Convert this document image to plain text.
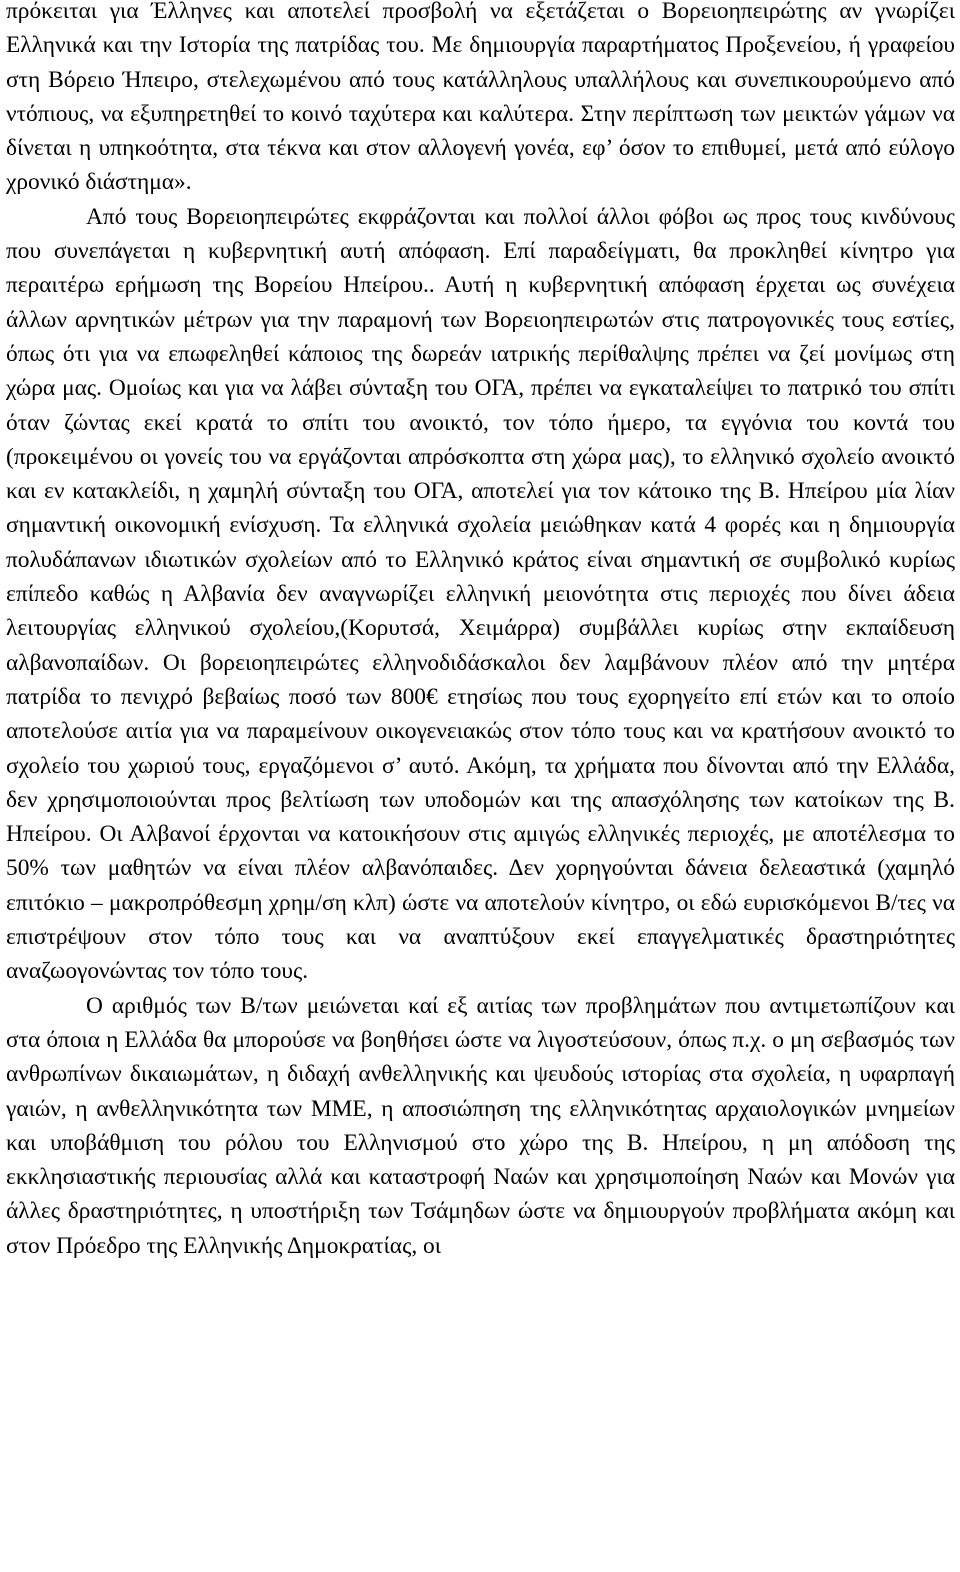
πρόκειται για Έλληνες και αποτελεί προσβολή να εξετάζεται ο Βορειοηπειρώτης αν γνωρίζει Ελληνικά και την Ιστορία της πατρίδας του. Με δημιουργία παραρτήματος Προξενείου, ή γραφείου στη Βόρειο Ήπειρο, στελεχωμένου από τους κατάλληλους υπαλλήλους και συνεπικουρούμενο από ντόπιους, να εξυπηρετηθεί το κοινό ταχύτερα και καλύτερα. Στην περίπτωση των μεικτών γάμων να δίνεται η υπηκοότητα, στα τέκνα και στον αλλογενή γονέα, εφ’ όσον το επιθυμεί, μετά από εύλογο χρονικό διάστημα».

Από τους Βορειοηπειρώτες εκφράζονται και πολλοί άλλοι φόβοι ως προς τους κινδύνους που συνεπάγεται η κυβερνητική αυτή απόφαση. Επί παραδείγματι, θα προκληθεί κίνητρο για περαιτέρω ερήμωση της Βορείου Ηπείρου.. Αυτή η κυβερνητική απόφαση έρχεται ως συνέχεια άλλων αρνητικών μέτρων για την παραμονή των Βορειοηπειρωτών στις πατρογονικές τους εστίες, όπως ότι για να επωφεληθεί κάποιος της δωρεάν ιατρικής περίθαλψης πρέπει να ζεί μονίμως στη χώρα μας. Ομοίως και για να λάβει σύνταξη του ΟΓΑ, πρέπει να εγκαταλείψει το πατρικό του σπίτι όταν ζώντας εκεί κρατά το σπίτι του ανοικτό, τον τόπο ήμερο, τα εγγόνια του κοντά του (προκειμένου οι γονείς του να εργάζονται απρόσκοπτα στη χώρα μας), το ελληνικό σχολείο ανοικτό και εν κατακλείδι, η χαμηλή σύνταξη του ΟΓΑ, αποτελεί για τον κάτοικο της Β. Ηπείρου μία λίαν σημαντική οικονομική ενίσχυση. Τα ελληνικά σχολεία μειώθηκαν κατά 4 φορές και η δημιουργία πολυδάπανων ιδιωτικών σχολείων από το Ελληνικό κράτος είναι σημαντική σε συμβολικό κυρίως επίπεδο καθώς η Αλβανία δεν αναγνωρίζει ελληνική μειονότητα στις περιοχές που δίνει άδεια λειτουργίας ελληνικού σχολείου,(Κορυτσά, Χειμάρρα) συμβάλλει κυρίως στην εκπαίδευση αλβανοπαίδων. Οι βορειοηπειρώτες ελληνοδιδάσκαλοι δεν λαμβάνουν πλέον από την μητέρα πατρίδα το πενιχρό βεβαίως ποσό των 800€ ετησίως που τους εχορηγείτο επί ετών και το οποίο αποτελούσε αιτία για να παραμείνουν οικογενειακώς στον τόπο τους και να κρατήσουν ανοικτό το σχολείο του χωριού τους, εργαζόμενοι σ’ αυτό. Ακόμη, τα χρήματα που δίνονται από την Ελλάδα, δεν χρησιμοποιούνται προς βελτίωση των υποδομών και της απασχόλησης των κατοίκων της Β. Ηπείρου. Οι Αλβανοί έρχονται να κατοικήσουν στις αμιγώς ελληνικές περιοχές, με αποτέλεσμα το 50% των μαθητών να είναι πλέον αλβανόπαιδες. Δεν χορηγούνται δάνεια δελεαστικά (χαμηλό επιτόκιο – μακροπρόθεσμη χρημ/ση κλπ) ώστε να αποτελούν κίνητρο, οι εδώ ευρισκόμενοι Β/τες να επιστρέψουν στον τόπο τους και να αναπτύξουν εκεί επαγγελματικές δραστηριότητες αναζωογονώντας τον τόπο τους.

Ο αριθμός των Β/των μειώνεται καί εξ αιτίας των προβλημάτων που αντιμετωπίζουν και στα όποια η Ελλάδα θα μπορούσε να βοηθήσει ώστε να λιγοστεύσουν, όπως π.χ. ο μη σεβασμός των ανθρωπίνων δικαιωμάτων, η διδαχή ανθελληνικής και ψευδούς ιστορίας στα σχολεία, η υφαρπαγή γαιών, η ανθελληνικότητα των ΜΜΕ, η αποσιώπηση της ελληνικότητας αρχαιολογικών μνημείων και υποβάθμιση του ρόλου του Ελληνισμού στο χώρο της Β. Ηπείρου, η μη απόδοση της εκκλησιαστικής περιουσίας αλλά και καταστροφή Ναών και χρησιμοποίηση Ναών και Μονών για άλλες δραστηριότητες, η υποστήριξη των Τσάμηδων ώστε να δημιουργούν προβλήματα ακόμη και στον Πρόεδρο της Ελληνικής Δημοκρατίας, οι
